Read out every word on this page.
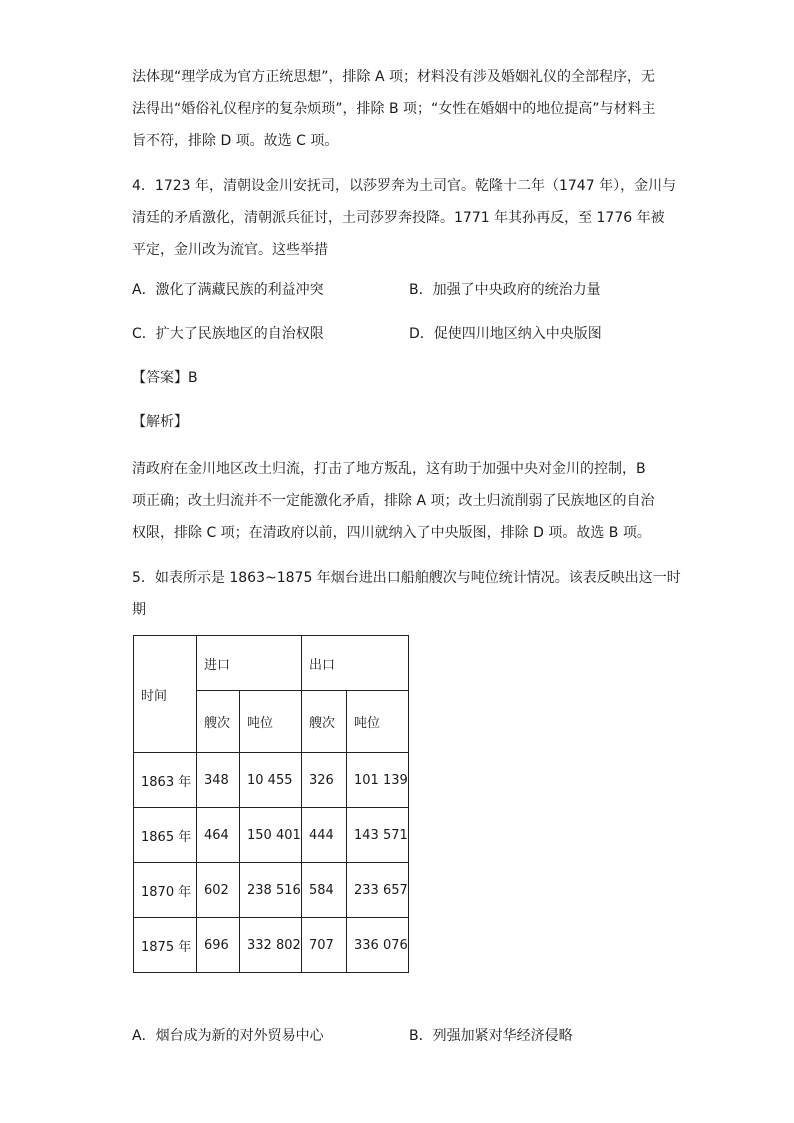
法体现“理学成为官方正统思想”，排除 A 项；材料没有涉及婚姻礼仪的全部程序，无
法得出“婚俗礼仪程序的复杂烦琐”，排除 B 项；“女性在婚姻中的地位提高”与材料主
旨不符，排除 D 项。故选 C 项。
4．1723 年，清朝设金川安抚司，以莎罗奔为土司官。乾隆十二年（1747 年），金川与
清廷的矛盾激化，清朝派兵征讨，土司莎罗奔投降。1771 年其孙再反，至 1776 年被
平定，金川改为流官。这些举措

A．激化了满藏民族的利益冲突	B．加强了中央政府的统治力量

C．扩大了民族地区的自治权限	D．促使四川地区纳入中央版图

【答案】B

【解析】

清政府在金川地区改土归流，打击了地方叛乱，这有助于加强中央对金川的控制，B
项正确；改土归流并不一定能激化矛盾，排除 A 项；改土归流削弱了民族地区的自治
权限，排除 C 项；在清政府以前，四川就纳入了中央版图，排除 D 项。故选 B 项。
5．如表所示是 1863~1875 年烟台进出口船舶艘次与吨位统计情况。该表反映出这一时
期
时间	进口		出口	
	艘次	吨位	艘次	吨位
1863 年	348	10 455	326	101 139
1865 年	464	150 401	444	143 571
1870 年	602	238 516	584	233 657
1875 年	696	332 802	707	336 076

A．烟台成为新的对外贸易中心	B．列强加紧对华经济侵略
